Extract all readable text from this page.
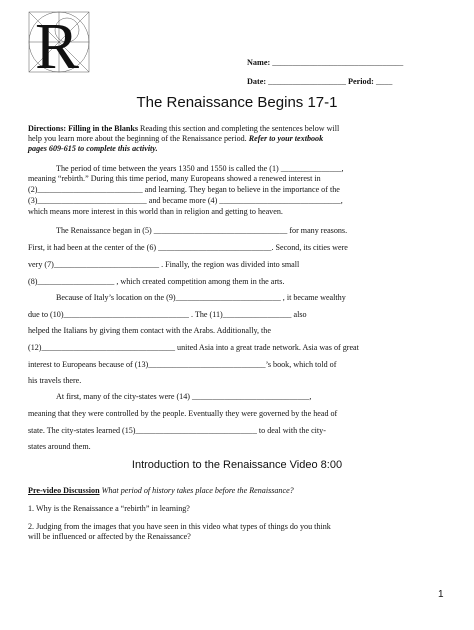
R	Name: ________________________________
Date: ___________________ Period: ____
The Renaissance Begins 17-1
Directions: Filling in the Blanks Reading this section and completing the sentences below will
help you learn more about the beginning of the Renaissance period. Refer to your textbook
pages 609-615 to complete this activity.
The period of time between the years 1350 and 1550 is called the (1) _______________,
meaning “rebirth.” During this time period, many Europeans showed a renewed interest in
(2)__________________________ and learning. They began to believe in the importance of the
(3)___________________________ and became more (4) ______________________________,
which means more interest in this world than in religion and getting to heaven.
The Renaissance began in (5) _________________________________ for many reasons.
First, it had been at the center of the (6) ____________________________. Second, its cities were
very (7)__________________________ . Finally, the region was divided into small
(8)___________________ , which created competition among them in the arts.
Because of Italy’s location on the (9)__________________________ , it became wealthy
due to (10)_______________________________ . The (11)_________________ also
helped the Italians by giving them contact with the Arabs. Additionally, the
(12)_________________________________ united Asia into a great trade network. Asia was of great
interest to Europeans because of (13)_____________________________’s book, which told of
his travels there.
At first, many of the city-states were (14) _____________________________,
meaning that they were controlled by the people. Eventually they were governed by the head of
state. The city-states learned (15)______________________________ to deal with the city-
states around them.
Introduction to the Renaissance Video 8:00
Pre-video Discussion What period of history takes place before the Renaissance?
1. Why is the Renaissance a “rebirth” in learning?
2. Judging from the images that you have seen in this video what types of things do you think
will be influenced or affected by the Renaissance?
1
